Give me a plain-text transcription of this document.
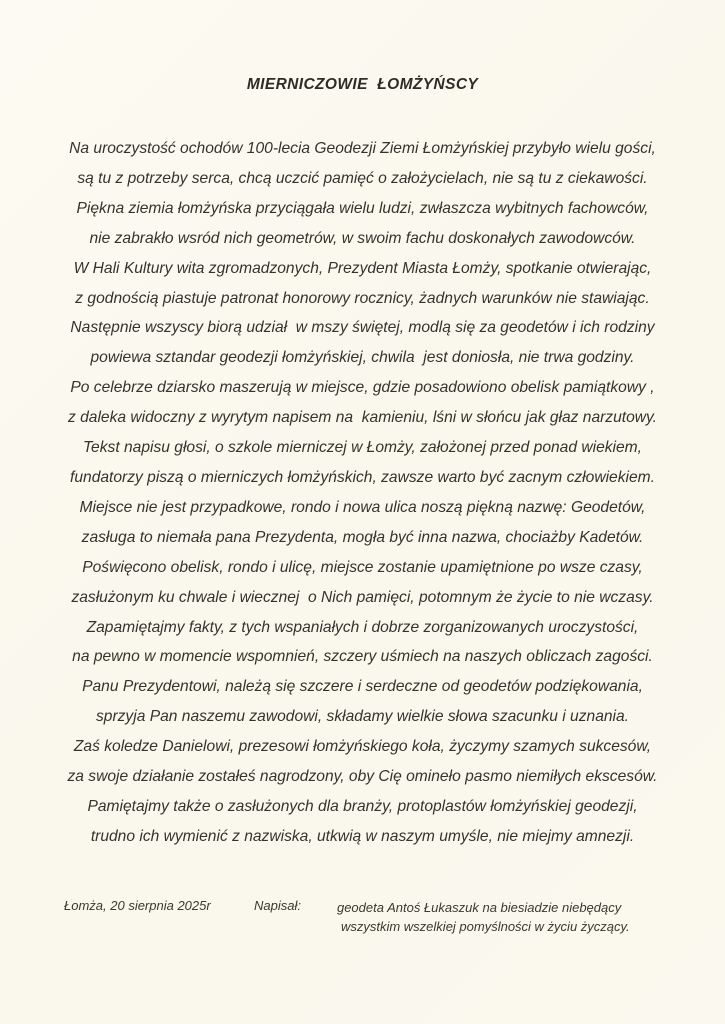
MIERNICZOWIE  ŁOMŻYŃSCY

Na uroczystość ochodów 100-lecia Geodezji Ziemi Łomżyńskiej przybyło wielu gości,

są tu z potrzeby serca, chcą uczcić pamięć o założycielach, nie są tu z ciekawości.

Piękna ziemia łomżyńska przyciągała wielu ludzi, zwłaszcza wybitnych fachowców,

nie zabrakło wsród nich geometrów, w swoim fachu doskonałych zawodowców.

W Hali Kultury wita zgromadzonych, Prezydent Miasta Łomży, spotkanie otwierając,

z godnością piastuje patronat honorowy rocznicy, żadnych warunków nie stawiając.

Następnie wszyscy biorą udział  w mszy świętej, modlą się za geodetów i ich rodziny

powiewa sztandar geodezji łomżyńskiej, chwila  jest doniosła, nie trwa godziny.

Po celebrze dziarsko maszerują w miejsce, gdzie posadowiono obelisk pamiątkowy ,

z daleka widoczny z wyrytym napisem na  kamieniu, lśni w słońcu jak głaz narzutowy.

Tekst napisu głosi, o szkole mierniczej w Łomży, założonej przed ponad wiekiem,

fundatorzy piszą o mierniczych łomżyńskich, zawsze warto być zacnym człowiekiem.

Miejsce nie jest przypadkowe, rondo i nowa ulica noszą piękną nazwę: Geodetów,

zasługa to niemała pana Prezydenta, mogła być inna nazwa, chociażby Kadetów.

Poświęcono obelisk, rondo i ulicę, miejsce zostanie upamiętnione po wsze czasy,

zasłużonym ku chwale i wiecznej  o Nich pamięci, potomnym że życie to nie wczasy.

Zapamiętajmy fakty, z tych wspaniałych i dobrze zorganizowanych uroczystości,

na pewno w momencie wspomnień, szczery uśmiech na naszych obliczach zagości.

Panu Prezydentowi, należą się szczere i serdeczne od geodetów podziękowania,

sprzyja Pan naszemu zawodowi, składamy wielkie słowa szacunku i uznania.

Zaś koledze Danielowi, prezesowi łomżyńskiego koła, życzymy szamych sukcesów,

za swoje działanie zostałeś nagrodzony, oby Cię omineło pasmo niemiłych ekscesów.

Pamiętajmy także o zasłużonych dla branży, protoplastów łomżyńskiej geodezji,

trudno ich wymienić z nazwiska, utkwią w naszym umyśle, nie miejmy amnezji.

Łomża, 20 sierpnia 2025r	Napisał:	geodeta Antoś Łukaszuk na biesiadzie niebędący

wszystkim wszelkiej pomyślności w życiu życzący.
